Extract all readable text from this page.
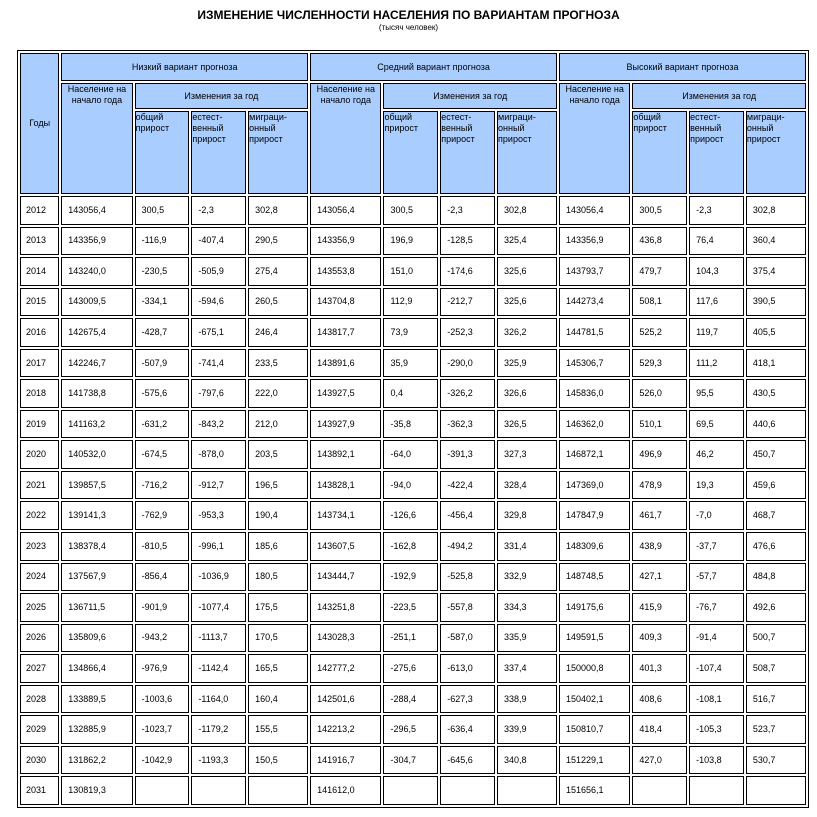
ИЗМЕНЕНИЕ ЧИСЛЕННОСТИ НАСЕЛЕНИЯ ПО ВАРИАНТАМ ПРОГНОЗА
(тысяч человек)
Годы	Низкий вариант прогноза				Средний вариант прогноза				Высокий вариант прогноза			
	Население на начало года	Изменения за год			Население на начало года	Изменения за год			Население на начало года	Изменения за год		
		общий прирост	естест-венный прирост	миграци-онный прирост		общий прирост	естест-венный прирост	миграци-онный прирост		общий прирост	естест-венный прирост	миграци-онный прирост
2012	143056,4	300,5	-2,3	302,8	143056,4	300,5	-2,3	302,8	143056,4	300,5	-2,3	302,8
2013	143356,9	-116,9	-407,4	290,5	143356,9	196,9	-128,5	325,4	143356,9	436,8	76,4	360,4
2014	143240,0	-230,5	-505,9	275,4	143553,8	151,0	-174,6	325,6	143793,7	479,7	104,3	375,4
2015	143009,5	-334,1	-594,6	260,5	143704,8	112,9	-212,7	325,6	144273,4	508,1	117,6	390,5
2016	142675,4	-428,7	-675,1	246,4	143817,7	73,9	-252,3	326,2	144781,5	525,2	119,7	405,5
2017	142246,7	-507,9	-741,4	233,5	143891,6	35,9	-290,0	325,9	145306,7	529,3	111,2	418,1
2018	141738,8	-575,6	-797,6	222,0	143927,5	0,4	-326,2	326,6	145836,0	526,0	95,5	430,5
2019	141163,2	-631,2	-843,2	212,0	143927,9	-35,8	-362,3	326,5	146362,0	510,1	69,5	440,6
2020	140532,0	-674,5	-878,0	203,5	143892,1	-64,0	-391,3	327,3	146872,1	496,9	46,2	450,7
2021	139857,5	-716,2	-912,7	196,5	143828,1	-94,0	-422,4	328,4	147369,0	478,9	19,3	459,6
2022	139141,3	-762,9	-953,3	190,4	143734,1	-126,6	-456,4	329,8	147847,9	461,7	-7,0	468,7
2023	138378,4	-810,5	-996,1	185,6	143607,5	-162,8	-494,2	331,4	148309,6	438,9	-37,7	476,6
2024	137567,9	-856,4	-1036,9	180,5	143444,7	-192,9	-525,8	332,9	148748,5	427,1	-57,7	484,8
2025	136711,5	-901,9	-1077,4	175,5	143251,8	-223,5	-557,8	334,3	149175,6	415,9	-76,7	492,6
2026	135809,6	-943,2	-1113,7	170,5	143028,3	-251,1	-587,0	335,9	149591,5	409,3	-91,4	500,7
2027	134866,4	-976,9	-1142,4	165,5	142777,2	-275,6	-613,0	337,4	150000,8	401,3	-107,4	508,7
2028	133889,5	-1003,6	-1164,0	160,4	142501,6	-288,4	-627,3	338,9	150402,1	408,6	-108,1	516,7
2029	132885,9	-1023,7	-1179,2	155,5	142213,2	-296,5	-636,4	339,9	150810,7	418,4	-105,3	523,7
2030	131862,2	-1042,9	-1193,3	150,5	141916,7	-304,7	-645,6	340,8	151229,1	427,0	-103,8	530,7
2031	130819,3				141612,0				151656,1			
